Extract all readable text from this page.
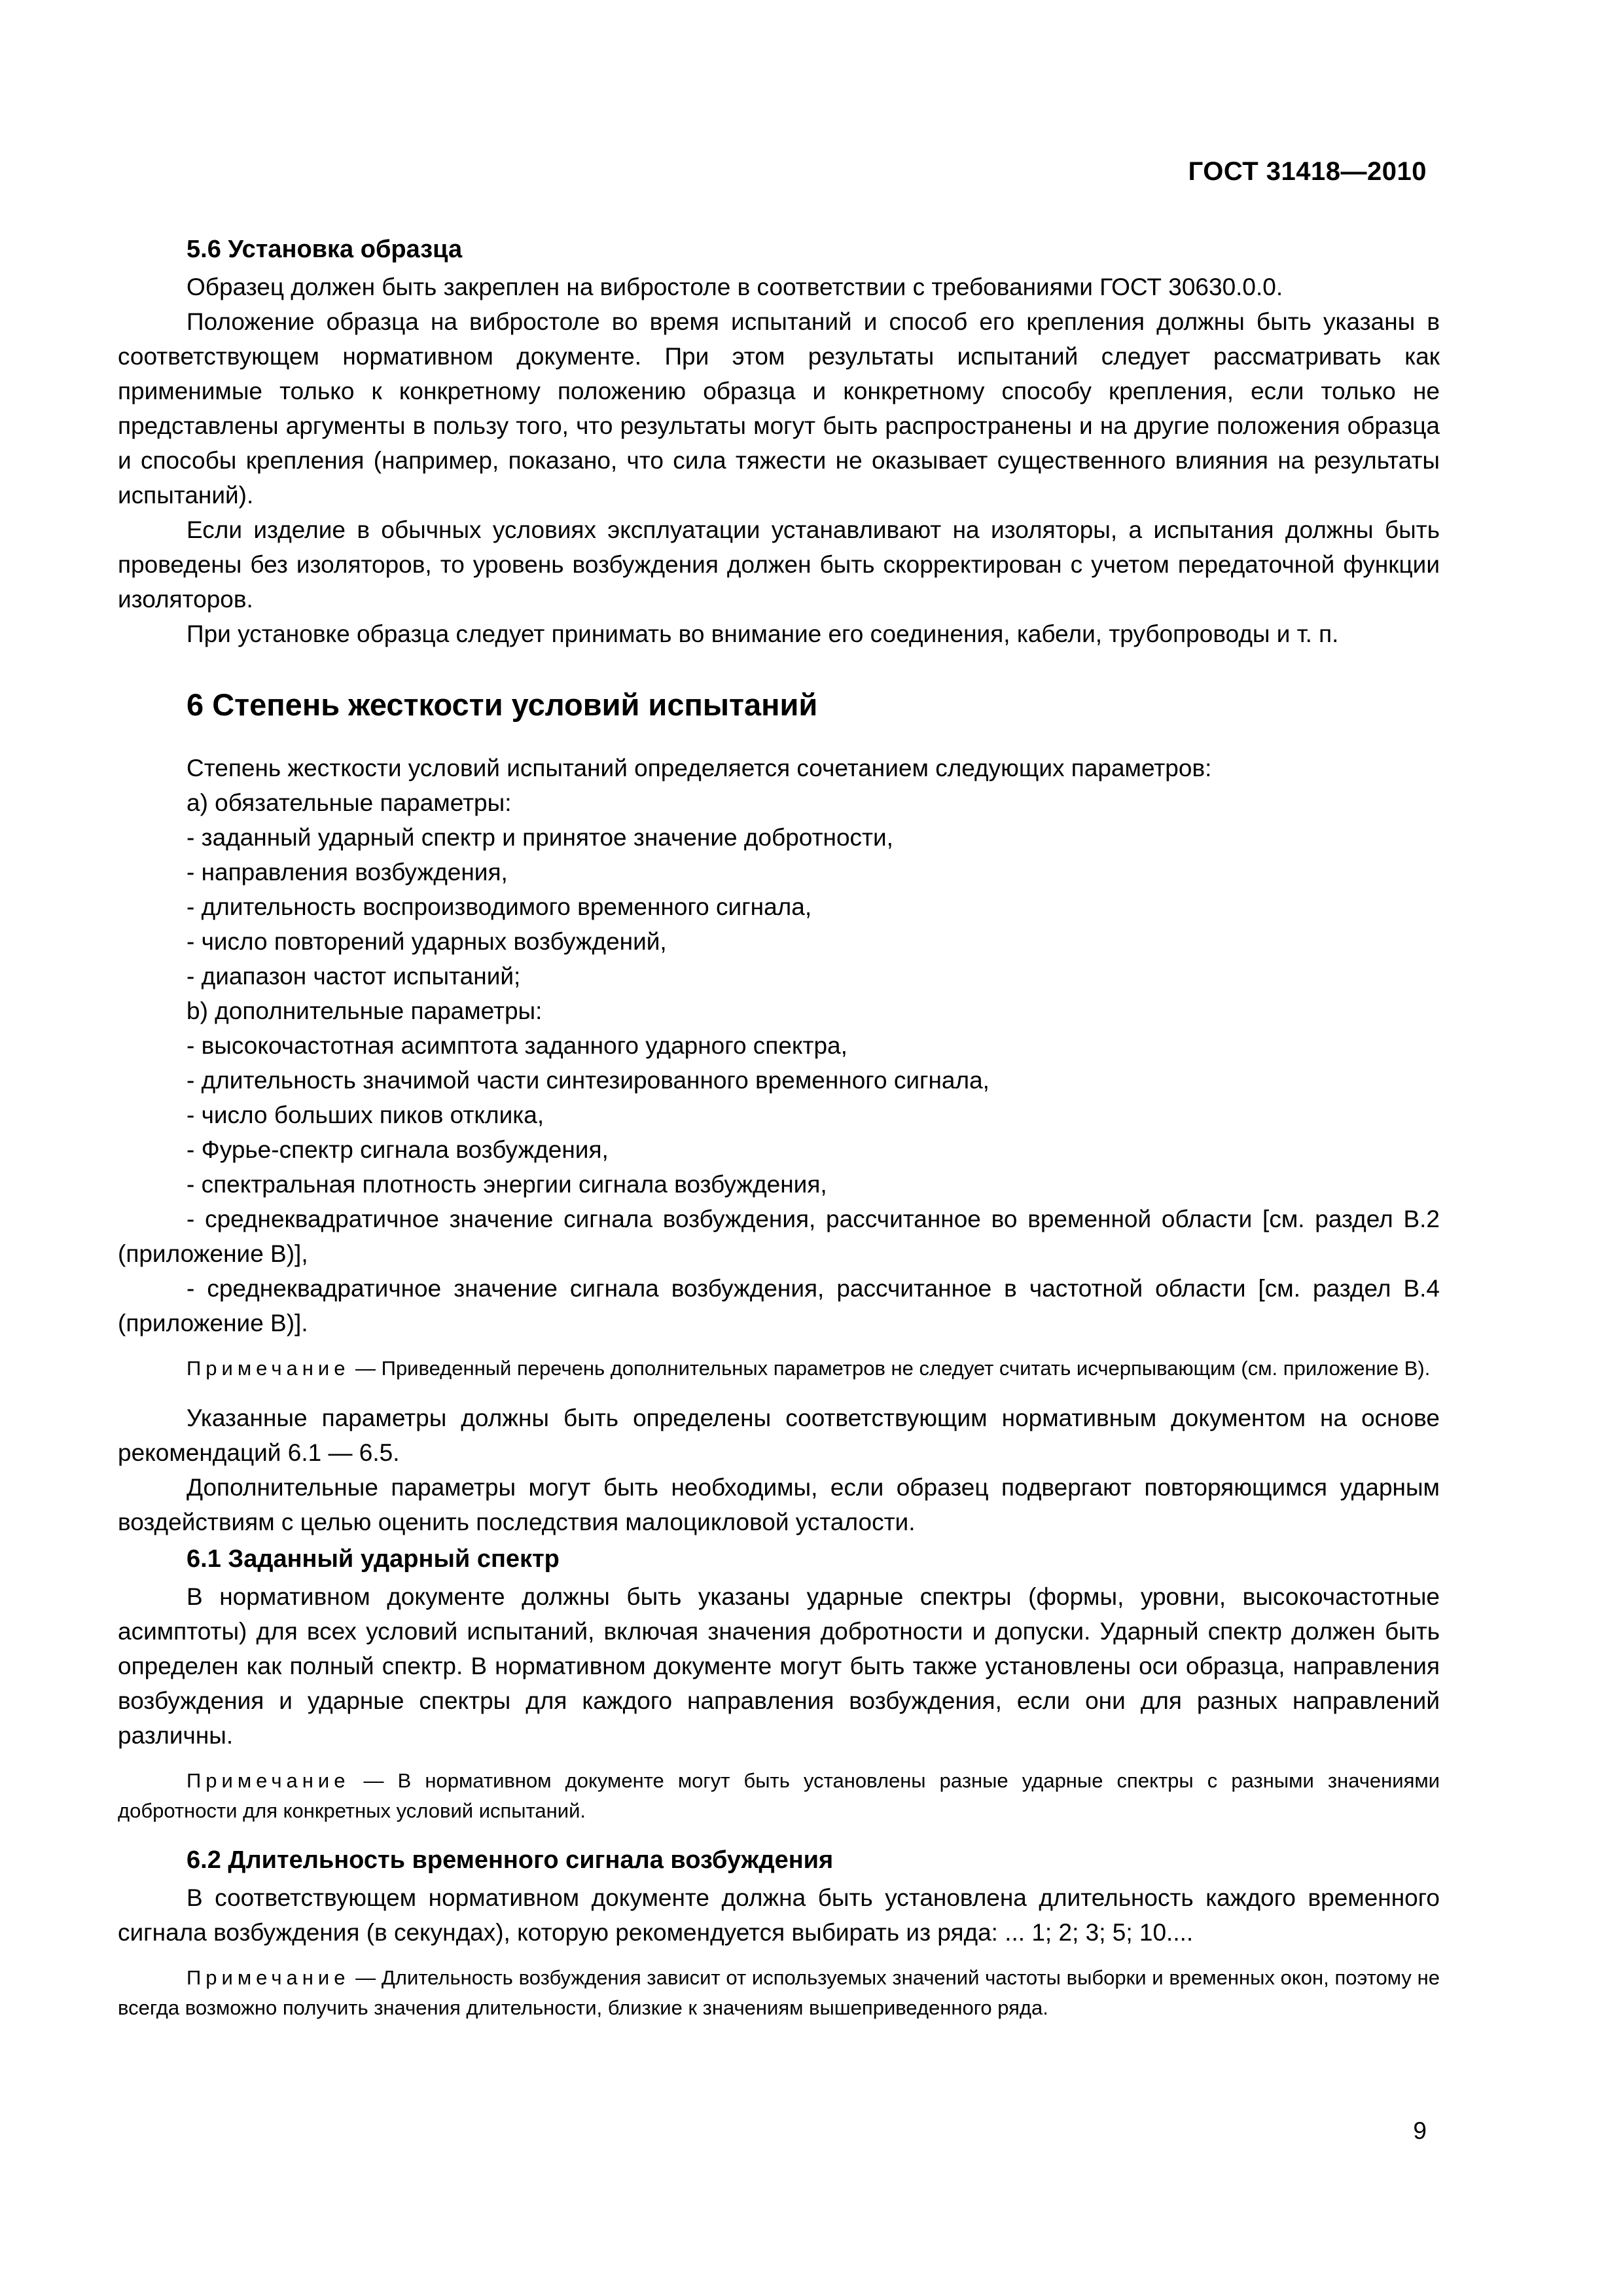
ГОСТ 31418—2010
5.6 Установка образца

Образец должен быть закреплен на вибростоле в соответствии с требованиями ГОСТ 30630.0.0.

Положение образца на вибростоле во время испытаний и способ его крепления должны быть указаны в соответствующем нормативном документе. При этом результаты испытаний следует рассматривать как применимые только к конкретному положению образца и конкретному способу крепления, если только не представлены аргументы в пользу того, что результаты могут быть распространены и на другие положения образца и способы крепления (например, показано, что сила тяжести не оказывает существенного влияния на результаты испытаний).

Если изделие в обычных условиях эксплуатации устанавливают на изоляторы, а испытания должны быть проведены без изоляторов, то уровень возбуждения должен быть скорректирован с учетом передаточной функции изоляторов.

При установке образца следует принимать во внимание его соединения, кабели, трубопроводы и т. п.

6 Степень жесткости условий испытаний

Степень жесткости условий испытаний определяется сочетанием следующих параметров:

а) обязательные параметры:

- заданный ударный спектр и принятое значение добротности,

- направления возбуждения,

- длительность воспроизводимого временного сигнала,

- число повторений ударных возбуждений,

- диапазон частот испытаний;

b) дополнительные параметры:

- высокочастотная асимптота заданного ударного спектра,

- длительность значимой части синтезированного временного сигнала,

- число больших пиков отклика,

- Фурье-спектр сигнала возбуждения,

- спектральная плотность энергии сигнала возбуждения,

- среднеквадратичное значение сигнала возбуждения, рассчитанное во временной области [см. раздел В.2 (приложение В)],

- среднеквадратичное значение сигнала возбуждения, рассчитанное в частотной области [см. раздел В.4 (приложение В)].

Примечание — Приведенный перечень дополнительных параметров не следует считать исчерпывающим (см. приложение В).

Указанные параметры должны быть определены соответствующим нормативным документом на основе рекомендаций 6.1 — 6.5.

Дополнительные параметры могут быть необходимы, если образец подвергают повторяющимся ударным воздействиям с целью оценить последствия малоцикловой усталости.

6.1 Заданный ударный спектр

В нормативном документе должны быть указаны ударные спектры (формы, уровни, высокочастотные асимптоты) для всех условий испытаний, включая значения добротности и допуски. Ударный спектр должен быть определен как полный спектр. В нормативном документе могут быть также установлены оси образца, направления возбуждения и ударные спектры для каждого направления возбуждения, если они для разных направлений различны.

Примечание — В нормативном документе могут быть установлены разные ударные спектры с разными значениями добротности для конкретных условий испытаний.

6.2 Длительность временного сигнала возбуждения

В соответствующем нормативном документе должна быть установлена длительность каждого временного сигнала возбуждения (в секундах), которую рекомендуется выбирать из ряда: ... 1; 2; 3; 5; 10....

Примечание — Длительность возбуждения зависит от используемых значений частоты выборки и временных окон, поэтому не всегда возможно получить значения длительности, близкие к значениям вышеприведенного ряда.

9
